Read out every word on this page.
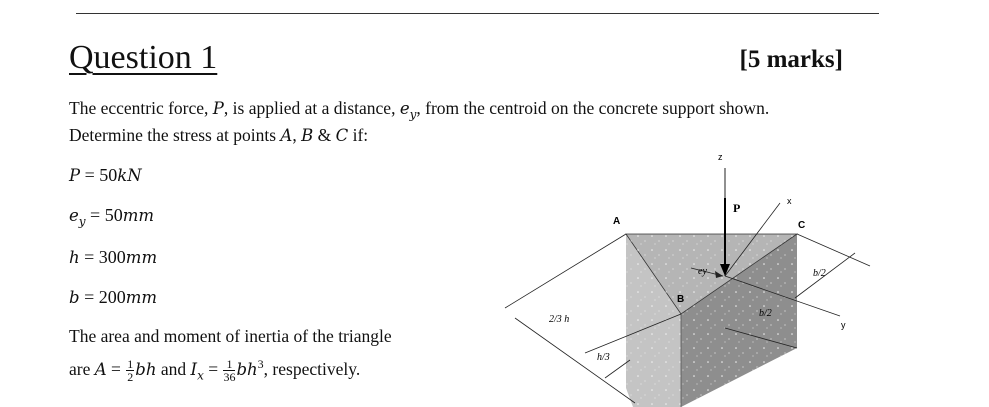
Question 1	[5 marks]
The eccentric force, P, is applied at a distance, $e_y$, from the centroid on the concrete support shown.
Determine the stress at points A, B & C if:
P = 50kN
$e_y = 50mm$
h = 300mm
b = 200mm
The area and moment of inertia of the triangle
are $A = \frac{1}{2}$ bh and $I_x = \frac{1}{36} bh^3$, respectively.
z
x
y
P
A
B
C
ey	b/2
b/2
h/3
2/3 h
